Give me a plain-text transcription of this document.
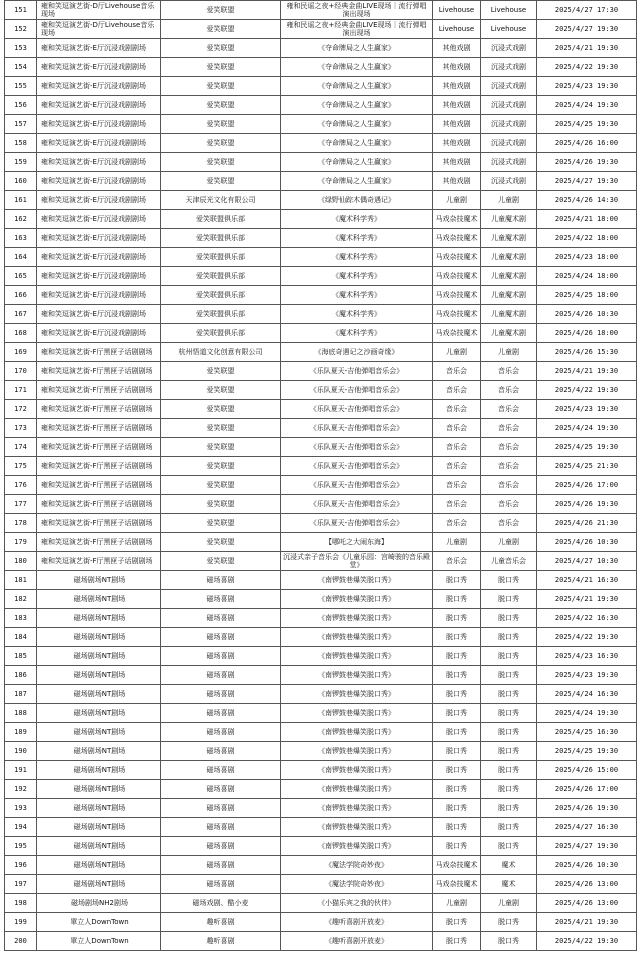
151	雍和笑逗演艺街-D厅Livehouse音乐现场	爱笑联盟	雍和民谣之夜+经典金曲LIVE现场｜流行弹唱演出现场	Livehouse	Livehouse	2025/4/27 17:30
152	雍和笑逗演艺街-D厅Livehouse音乐现场	爱笑联盟	雍和民谣之夜+经典金曲LIVE现场｜流行弹唱演出现场	Livehouse	Livehouse	2025/4/27 19:30
153	雍和笑逗演艺街-E厅沉浸戏剧剧场	爱笑联盟	《夺命牌局之人生赢家》	其他戏剧	沉浸式戏剧	2025/4/21 19:30
154	雍和笑逗演艺街-E厅沉浸戏剧剧场	爱笑联盟	《夺命牌局之人生赢家》	其他戏剧	沉浸式戏剧	2025/4/22 19:30
155	雍和笑逗演艺街-E厅沉浸戏剧剧场	爱笑联盟	《夺命牌局之人生赢家》	其他戏剧	沉浸式戏剧	2025/4/23 19:30
156	雍和笑逗演艺街-E厅沉浸戏剧剧场	爱笑联盟	《夺命牌局之人生赢家》	其他戏剧	沉浸式戏剧	2025/4/24 19:30
157	雍和笑逗演艺街-E厅沉浸戏剧剧场	爱笑联盟	《夺命牌局之人生赢家》	其他戏剧	沉浸式戏剧	2025/4/25 19:30
158	雍和笑逗演艺街-E厅沉浸戏剧剧场	爱笑联盟	《夺命牌局之人生赢家》	其他戏剧	沉浸式戏剧	2025/4/26 16:00
159	雍和笑逗演艺街-E厅沉浸戏剧剧场	爱笑联盟	《夺命牌局之人生赢家》	其他戏剧	沉浸式戏剧	2025/4/26 19:30
160	雍和笑逗演艺街-E厅沉浸戏剧剧场	爱笑联盟	《夺命牌局之人生赢家》	其他戏剧	沉浸式戏剧	2025/4/27 19:30
161	雍和笑逗演艺街-E厅沉浸戏剧剧场	天津辰光文化有限公司	《绿野仙踪木偶奇遇记》	儿童剧	儿童剧	2025/4/26 14:30
162	雍和笑逗演艺街-E厅沉浸戏剧剧场	爱笑联盟俱乐部	《魔术科学秀》	马戏杂技魔术	儿童魔术剧	2025/4/21 18:00
163	雍和笑逗演艺街-E厅沉浸戏剧剧场	爱笑联盟俱乐部	《魔术科学秀》	马戏杂技魔术	儿童魔术剧	2025/4/22 18:00
164	雍和笑逗演艺街-E厅沉浸戏剧剧场	爱笑联盟俱乐部	《魔术科学秀》	马戏杂技魔术	儿童魔术剧	2025/4/23 18:00
165	雍和笑逗演艺街-E厅沉浸戏剧剧场	爱笑联盟俱乐部	《魔术科学秀》	马戏杂技魔术	儿童魔术剧	2025/4/24 18:00
166	雍和笑逗演艺街-E厅沉浸戏剧剧场	爱笑联盟俱乐部	《魔术科学秀》	马戏杂技魔术	儿童魔术剧	2025/4/25 18:00
167	雍和笑逗演艺街-E厅沉浸戏剧剧场	爱笑联盟俱乐部	《魔术科学秀》	马戏杂技魔术	儿童魔术剧	2025/4/26 10:30
168	雍和笑逗演艺街-E厅沉浸戏剧剧场	爱笑联盟俱乐部	《魔术科学秀》	马戏杂技魔术	儿童魔术剧	2025/4/26 18:00
169	雍和笑逗演艺街-F厅黑匣子话剧剧场	杭州悟道文化创意有限公司	《海底奇遇记之沙画奇缘》	儿童剧	儿童剧	2025/4/26 15:30
170	雍和笑逗演艺街-F厅黑匣子话剧剧场	爱笑联盟	《乐队夏天-吉他弹唱音乐会》	音乐会	音乐会	2025/4/21 19:30
171	雍和笑逗演艺街-F厅黑匣子话剧剧场	爱笑联盟	《乐队夏天-吉他弹唱音乐会》	音乐会	音乐会	2025/4/22 19:30
172	雍和笑逗演艺街-F厅黑匣子话剧剧场	爱笑联盟	《乐队夏天-吉他弹唱音乐会》	音乐会	音乐会	2025/4/23 19:30
173	雍和笑逗演艺街-F厅黑匣子话剧剧场	爱笑联盟	《乐队夏天-吉他弹唱音乐会》	音乐会	音乐会	2025/4/24 19:30
174	雍和笑逗演艺街-F厅黑匣子话剧剧场	爱笑联盟	《乐队夏天-吉他弹唱音乐会》	音乐会	音乐会	2025/4/25 19:30
175	雍和笑逗演艺街-F厅黑匣子话剧剧场	爱笑联盟	《乐队夏天-吉他弹唱音乐会》	音乐会	音乐会	2025/4/25 21:30
176	雍和笑逗演艺街-F厅黑匣子话剧剧场	爱笑联盟	《乐队夏天-吉他弹唱音乐会》	音乐会	音乐会	2025/4/26 17:00
177	雍和笑逗演艺街-F厅黑匣子话剧剧场	爱笑联盟	《乐队夏天-吉他弹唱音乐会》	音乐会	音乐会	2025/4/26 19:30
178	雍和笑逗演艺街-F厅黑匣子话剧剧场	爱笑联盟	《乐队夏天-吉他弹唱音乐会》	音乐会	音乐会	2025/4/26 21:30
179	雍和笑逗演艺街-F厅黑匣子话剧剧场	爱笑联盟	【哪吒之大闹东海】	儿童剧	儿童剧	2025/4/26 10:30
180	雍和笑逗演艺街-F厅黑匣子话剧剧场	爱笑联盟	沉浸式亲子音乐会《儿童乐园：宫崎骏的音乐殿堂》	音乐会	儿童音乐会	2025/4/27 10:30
181	磁场剧场NT剧场	磁场喜剧	《南锣鼓巷爆笑脱口秀》	脱口秀	脱口秀	2025/4/21 16:30
182	磁场剧场NT剧场	磁场喜剧	《南锣鼓巷爆笑脱口秀》	脱口秀	脱口秀	2025/4/21 19:30
183	磁场剧场NT剧场	磁场喜剧	《南锣鼓巷爆笑脱口秀》	脱口秀	脱口秀	2025/4/22 16:30
184	磁场剧场NT剧场	磁场喜剧	《南锣鼓巷爆笑脱口秀》	脱口秀	脱口秀	2025/4/22 19:30
185	磁场剧场NT剧场	磁场喜剧	《南锣鼓巷爆笑脱口秀》	脱口秀	脱口秀	2025/4/23 16:30
186	磁场剧场NT剧场	磁场喜剧	《南锣鼓巷爆笑脱口秀》	脱口秀	脱口秀	2025/4/23 19:30
187	磁场剧场NT剧场	磁场喜剧	《南锣鼓巷爆笑脱口秀》	脱口秀	脱口秀	2025/4/24 16:30
188	磁场剧场NT剧场	磁场喜剧	《南锣鼓巷爆笑脱口秀》	脱口秀	脱口秀	2025/4/24 19:30
189	磁场剧场NT剧场	磁场喜剧	《南锣鼓巷爆笑脱口秀》	脱口秀	脱口秀	2025/4/25 16:30
190	磁场剧场NT剧场	磁场喜剧	《南锣鼓巷爆笑脱口秀》	脱口秀	脱口秀	2025/4/25 19:30
191	磁场剧场NT剧场	磁场喜剧	《南锣鼓巷爆笑脱口秀》	脱口秀	脱口秀	2025/4/26 15:00
192	磁场剧场NT剧场	磁场喜剧	《南锣鼓巷爆笑脱口秀》	脱口秀	脱口秀	2025/4/26 17:00
193	磁场剧场NT剧场	磁场喜剧	《南锣鼓巷爆笑脱口秀》	脱口秀	脱口秀	2025/4/26 19:30
194	磁场剧场NT剧场	磁场喜剧	《南锣鼓巷爆笑脱口秀》	脱口秀	脱口秀	2025/4/27 16:30
195	磁场剧场NT剧场	磁场喜剧	《南锣鼓巷爆笑脱口秀》	脱口秀	脱口秀	2025/4/27 19:30
196	磁场剧场NT剧场	磁场喜剧	《魔法学院奇妙夜》	马戏杂技魔术	魔术	2025/4/26 10:30
197	磁场剧场NT剧场	磁场喜剧	《魔法学院奇妙夜》	马戏杂技魔术	魔术	2025/4/26 13:00
198	磁场剧场NH2剧场	磁场戏剧、酷小麦	《小猫乐宾之我的伙伴》	儿童剧	儿童剧	2025/4/26 13:00
199	單立人DownTown	趣听喜剧	《趣听喜剧开放麦》	脱口秀	脱口秀	2025/4/21 19:30
200	單立人DownTown	趣听喜剧	《趣听喜剧开放麦》	脱口秀	脱口秀	2025/4/22 19:30
